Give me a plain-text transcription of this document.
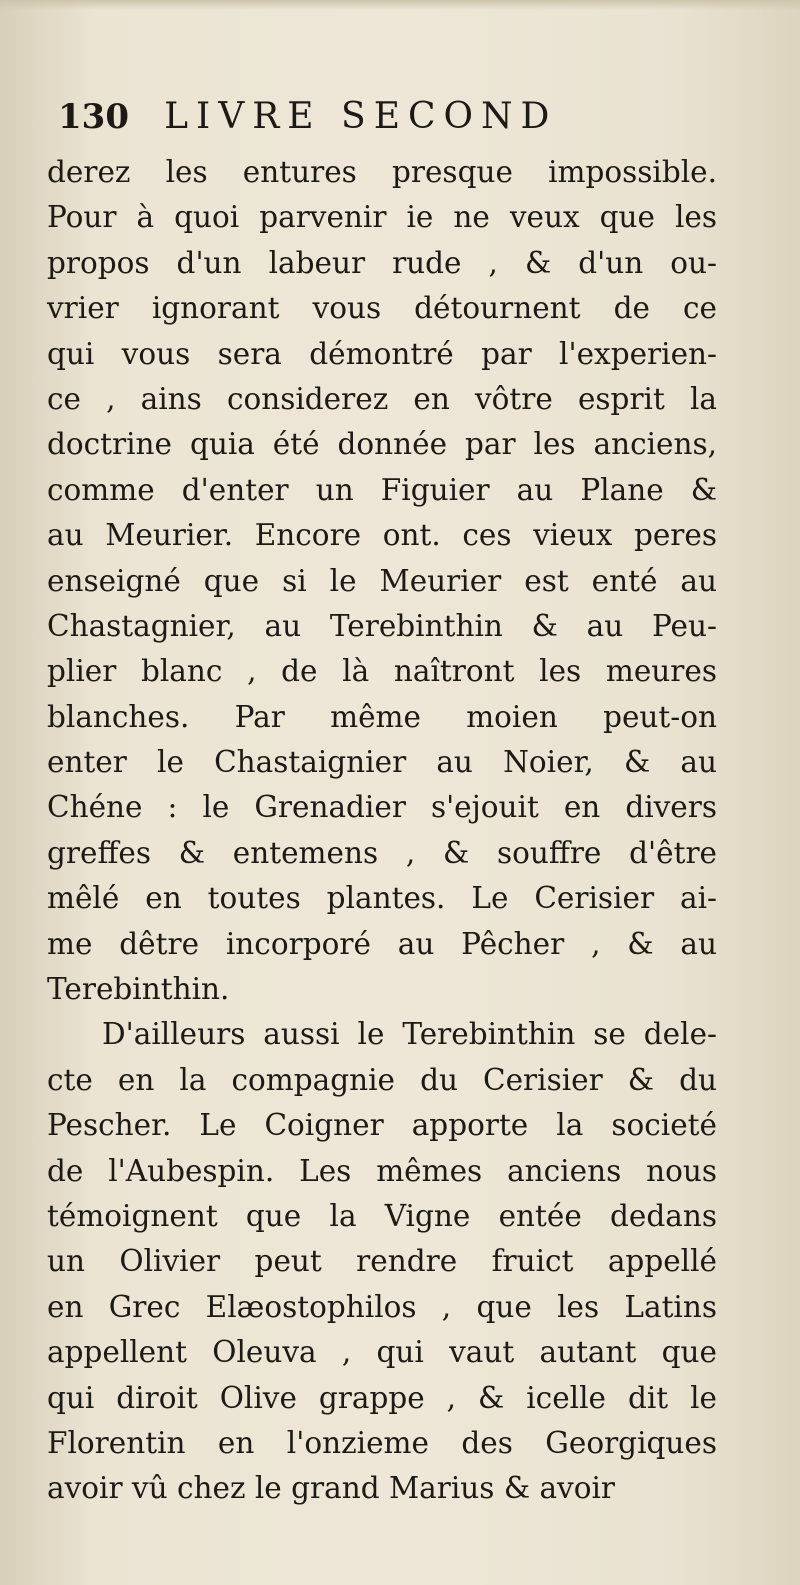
130 LIVRE SECOND
derez les entures presque impossible.
Pour à quoi parvenir ie ne veux que les
propos d'un labeur rude , & d'un ou-
vrier ignorant vous détournent de ce
qui vous sera démontré par l'experien-
ce , ains considerez en vôtre esprit la
doctrine quia été donnée par les anciens,
comme d'enter un Figuier au Plane &
au Meurier. Encore ont. ces vieux peres
enseigné que si le Meurier est enté au
Chastagnier, au Terebinthin & au Peu-
plier blanc , de là naîtront les meures
blanches. Par même moien peut-on
enter le Chastaignier au Noier, & au
Chéne : le Grenadier s'ejouit en divers
greffes & entemens , & souffre d'être
mêlé en toutes plantes. Le Cerisier ai-
me dêtre incorporé au Pêcher , & au
Terebinthin.
D'ailleurs aussi le Terebinthin se dele-
cte en la compagnie du Cerisier & du
Pescher. Le Coigner apporte la societé
de l'Aubespin. Les mêmes anciens nous
témoignent que la Vigne entée dedans
un Olivier peut rendre fruict appellé
en Grec Elæostophilos , que les Latins
appellent Oleuva , qui vaut autant que
qui diroit Olive grappe , & icelle dit le
Florentin en l'onzieme des Georgiques
avoir vû chez le grand Marius & avoir
